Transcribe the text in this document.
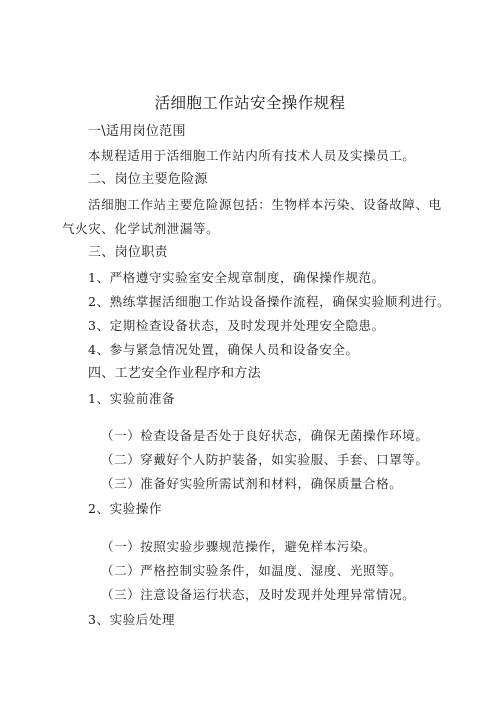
活细胞工作站安全操作规程
一\适用岗位范围
本规程适用于活细胞工作站内所有技术人员及实操员工。
二、岗位主要危险源
活细胞工作站主要危险源包括：生物样本污染、设备故障、电
气火灾、化学试剂泄漏等。
三、岗位职责
1、严格遵守实验室安全规章制度，确保操作规范。
2、熟练掌握活细胞工作站设备操作流程，确保实验顺利进行。
3、定期检查设备状态，及时发现并处理安全隐患。
4、参与紧急情况处置，确保人员和设备安全。
四、工艺安全作业程序和方法
1、实验前准备
（一）检查设备是否处于良好状态，确保无菌操作环境。
（二）穿戴好个人防护装备，如实验服、手套、口罩等。
（三）准备好实验所需试剂和材料，确保质量合格。
2、实验操作
（一）按照实验步骤规范操作，避免样本污染。
（二）严格控制实验条件，如温度、湿度、光照等。
（三）注意设备运行状态，及时发现并处理异常情况。
3、实验后处理
